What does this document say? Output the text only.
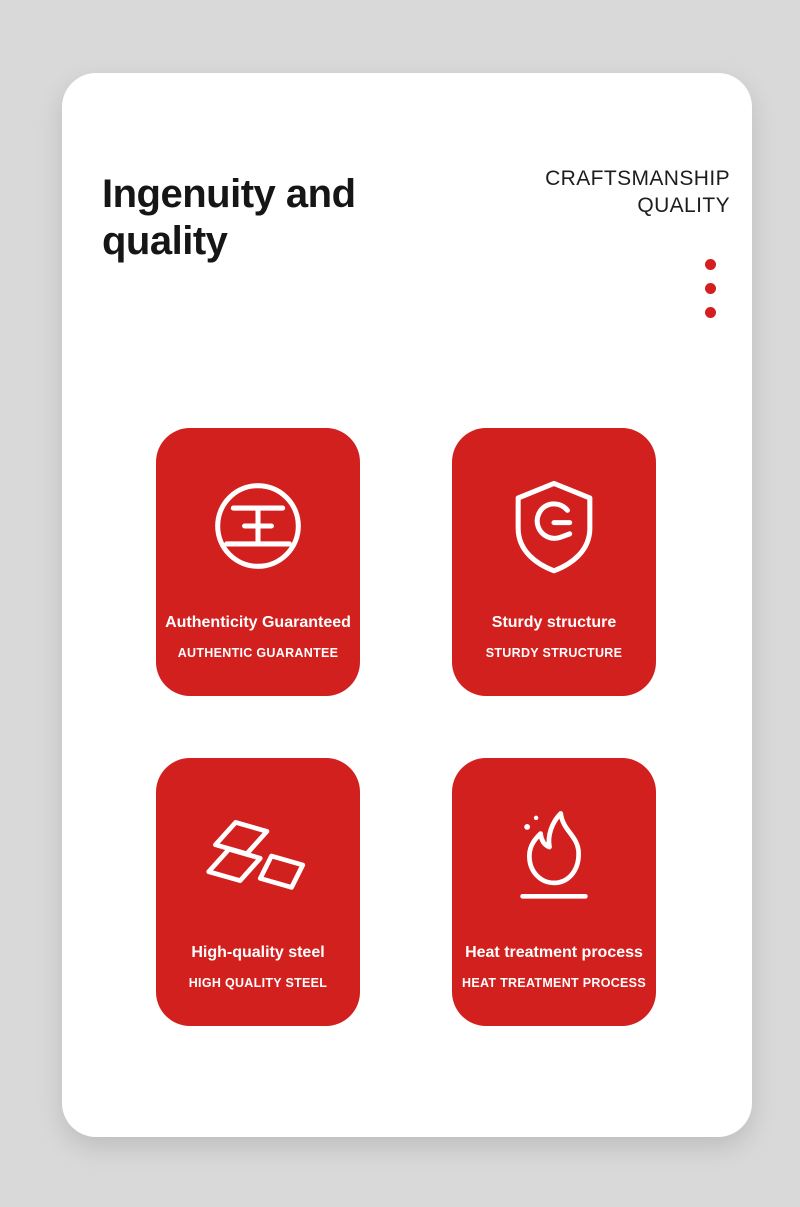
Ingenuity and quality
CRAFTSMANSHIP
QUALITY
Authenticity Guaranteed
AUTHENTIC GUARANTEE
Sturdy structure
STURDY STRUCTURE
High-quality steel
HIGH QUALITY STEEL
Heat treatment process
HEAT TREATMENT PROCESS
